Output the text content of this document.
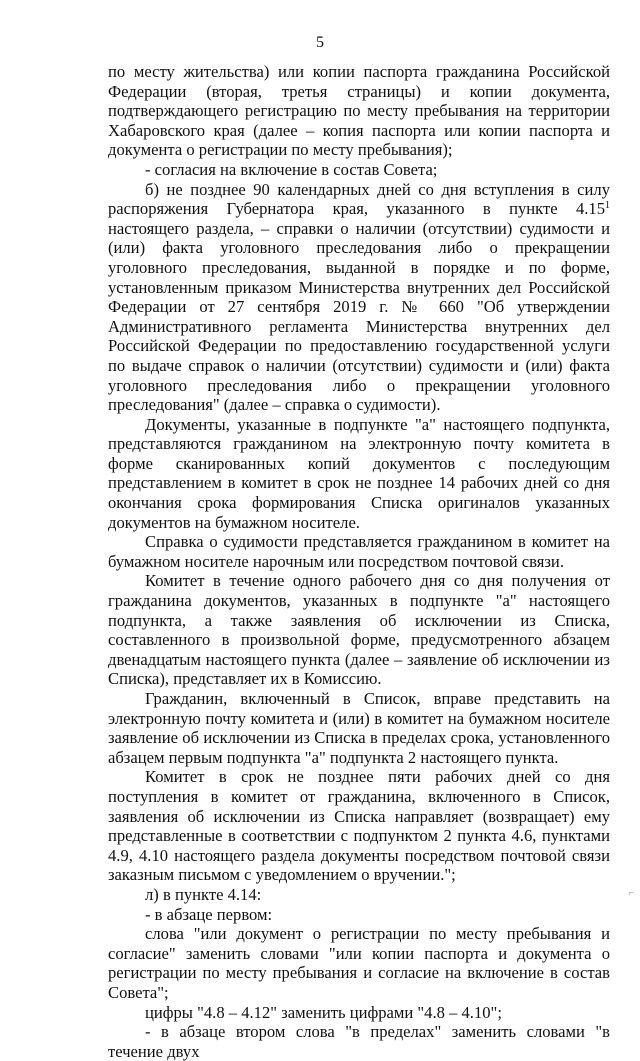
5

по месту жительства) или копии паспорта гражданина Российской Федерации (вторая, третья страницы) и копии документа, подтверждающего регистрацию по месту пребывания на территории Хабаровского края (далее – копия паспорта или копии паспорта и документа о регистрации по месту пребывания);

- согласия на включение в состав Совета;

б) не позднее 90 календарных дней со дня вступления в силу распоряжения Губернатора края, указанного в пункте 4.15$^1$ настоящего раздела, – справки о наличии (отсутствии) судимости и (или) факта уголовного преследования либо о прекращении уголовного преследования, выданной в порядке и по форме, установленным приказом Министерства внутренних дел Российской Федерации от 27 сентября 2019 г. № 660 "Об утверждении Административного регламента Министерства внутренних дел Российской Федерации по предоставлению государственной услуги по выдаче справок о наличии (отсутствии) судимости и (или) факта уголовного преследования либо о прекращении уголовного преследования" (далее – справка о судимости).

Документы, указанные в подпункте "а" настоящего подпункта, представляются гражданином на электронную почту комитета в форме сканированных копий документов с последующим представлением в комитет в срок не позднее 14 рабочих дней со дня окончания срока формирования Списка оригиналов указанных документов на бумажном носителе.

Справка о судимости представляется гражданином в комитет на бумажном носителе нарочным или посредством почтовой связи.

Комитет в течение одного рабочего дня со дня получения от гражданина документов, указанных в подпункте "а" настоящего подпункта, а также заявления об исключении из Списка, составленного в произвольной форме, предусмотренного абзацем двенадцатым настоящего пункта (далее – заявление об исключении из Списка), представляет их в Комиссию.

Гражданин, включенный в Список, вправе представить на электронную почту комитета и (или) в комитет на бумажном носителе заявление об исключении из Списка в пределах срока, установленного абзацем первым подпункта "а" подпункта 2 настоящего пункта.

Комитет в срок не позднее пяти рабочих дней со дня поступления в комитет от гражданина, включенного в Список, заявления об исключении из Списка направляет (возвращает) ему представленные в соответствии с подпунктом 2 пункта 4.6, пунктами 4.9, 4.10 настоящего раздела документы посредством почтовой связи заказным письмом с уведомлением о вручении.";

л) в пункте 4.14:

- в абзаце первом:

слова "или документ о регистрации по месту пребывания и согласие" заменить словами "или копии паспорта и документа о регистрации по месту пребывания и согласие на включение в состав Совета";

цифры "4.8 – 4.12" заменить цифрами "4.8 – 4.10";

- в абзаце втором слова "в пределах" заменить словами "в течение двух

⌐
